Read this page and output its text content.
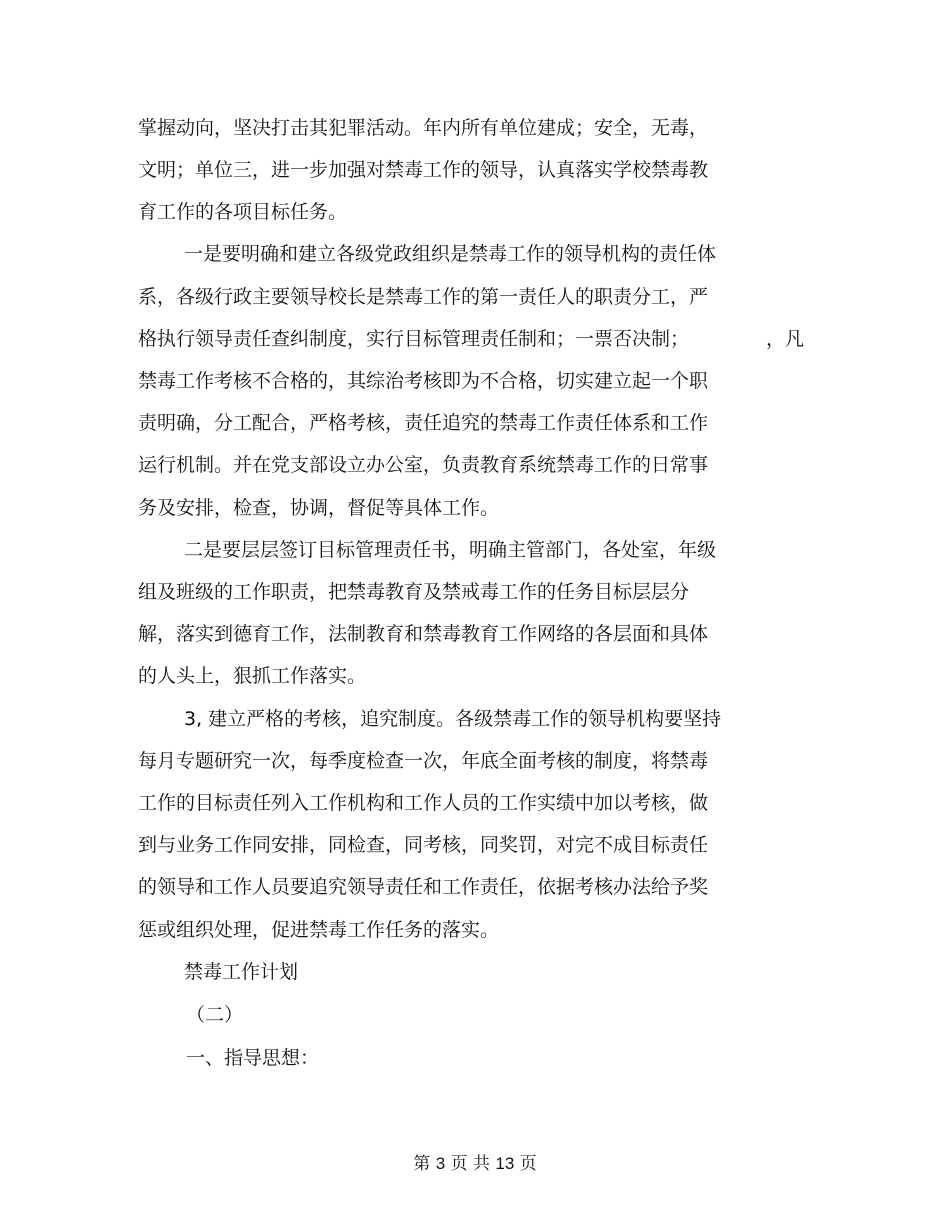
掌握动向，坚决打击其犯罪活动。年内所有单位建成；安全，无毒，
文明；单位三，进一步加强对禁毒工作的领导，认真落实学校禁毒教
育工作的各项目标任务。
一是要明确和建立各级党政组织是禁毒工作的领导机构的责任体
系，各级行政主要领导校长是禁毒工作的第一责任人的职责分工，严
格执行领导责任查纠制度，实行目标管理责任制和；一票否决制；	，凡
禁毒工作考核不合格的，其综治考核即为不合格，切实建立起一个职
责明确，分工配合，严格考核，责任追究的禁毒工作责任体系和工作
运行机制。并在党支部设立办公室，负责教育系统禁毒工作的日常事
务及安排，检查，协调，督促等具体工作。
二是要层层签订目标管理责任书，明确主管部门，各处室，年级
组及班级的工作职责，把禁毒教育及禁戒毒工作的任务目标层层分
解，落实到德育工作，法制教育和禁毒教育工作网络的各层面和具体
的人头上，狠抓工作落实。
3, 建立严格的考核，追究制度。各级禁毒工作的领导机构要坚持
每月专题研究一次，每季度检查一次，年底全面考核的制度，将禁毒
工作的目标责任列入工作机构和工作人员的工作实绩中加以考核，做
到与业务工作同安排，同检查，同考核，同奖罚，对完不成目标责任
的领导和工作人员要追究领导责任和工作责任，依据考核办法给予奖
惩或组织处理，促进禁毒工作任务的落实。
禁毒工作计划
（二）
一、指导思想：
第 3 页 共 13 页
